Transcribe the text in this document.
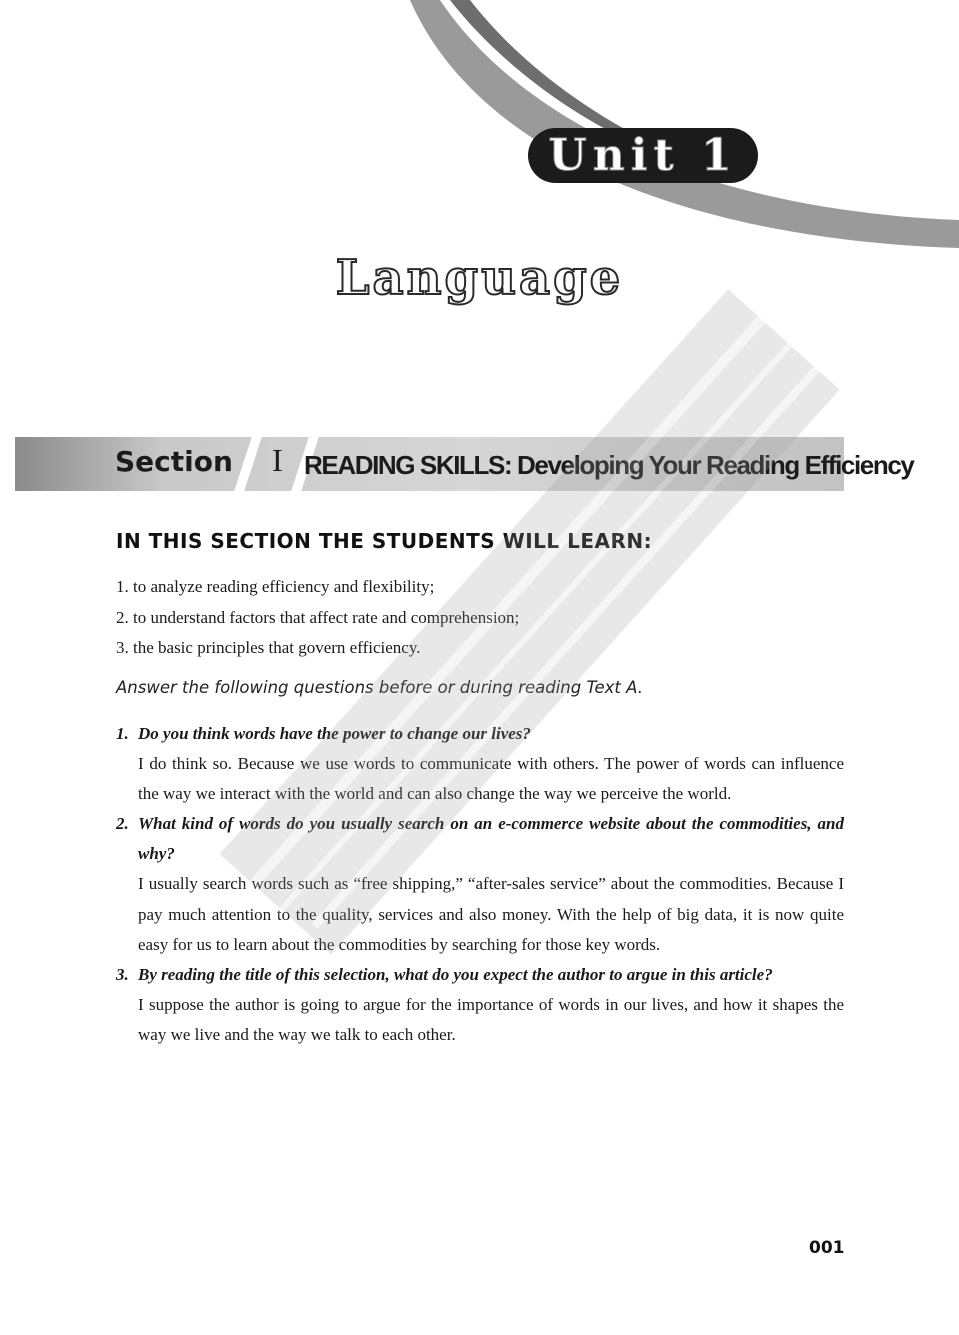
Unit 1
Language
Section I READING SKILLS: Developing Your Reading Efficiency
IN THIS SECTION THE STUDENTS WILL LEARN:
1. to analyze reading efficiency and flexibility;
2. to understand factors that affect rate and comprehension;
3. the basic principles that govern efficiency.
Answer the following questions before or during reading Text A.
1. Do you think words have the power to change our lives?
I do think so. Because we use words to communicate with others. The power of words can influence the way we interact with the world and can also change the way we perceive the world.
2. What kind of words do you usually search on an e-commerce website about the commodities, and why?
I usually search words such as “free shipping,” “after-sales service” about the commodities. Because I pay much attention to the quality, services and also money. With the help of big data, it is now quite easy for us to learn about the commodities by searching for those key words.
3. By reading the title of this selection, what do you expect the author to argue in this article?
I suppose the author is going to argue for the importance of words in our lives, and how it shapes the way we live and the way we talk to each other.
001
